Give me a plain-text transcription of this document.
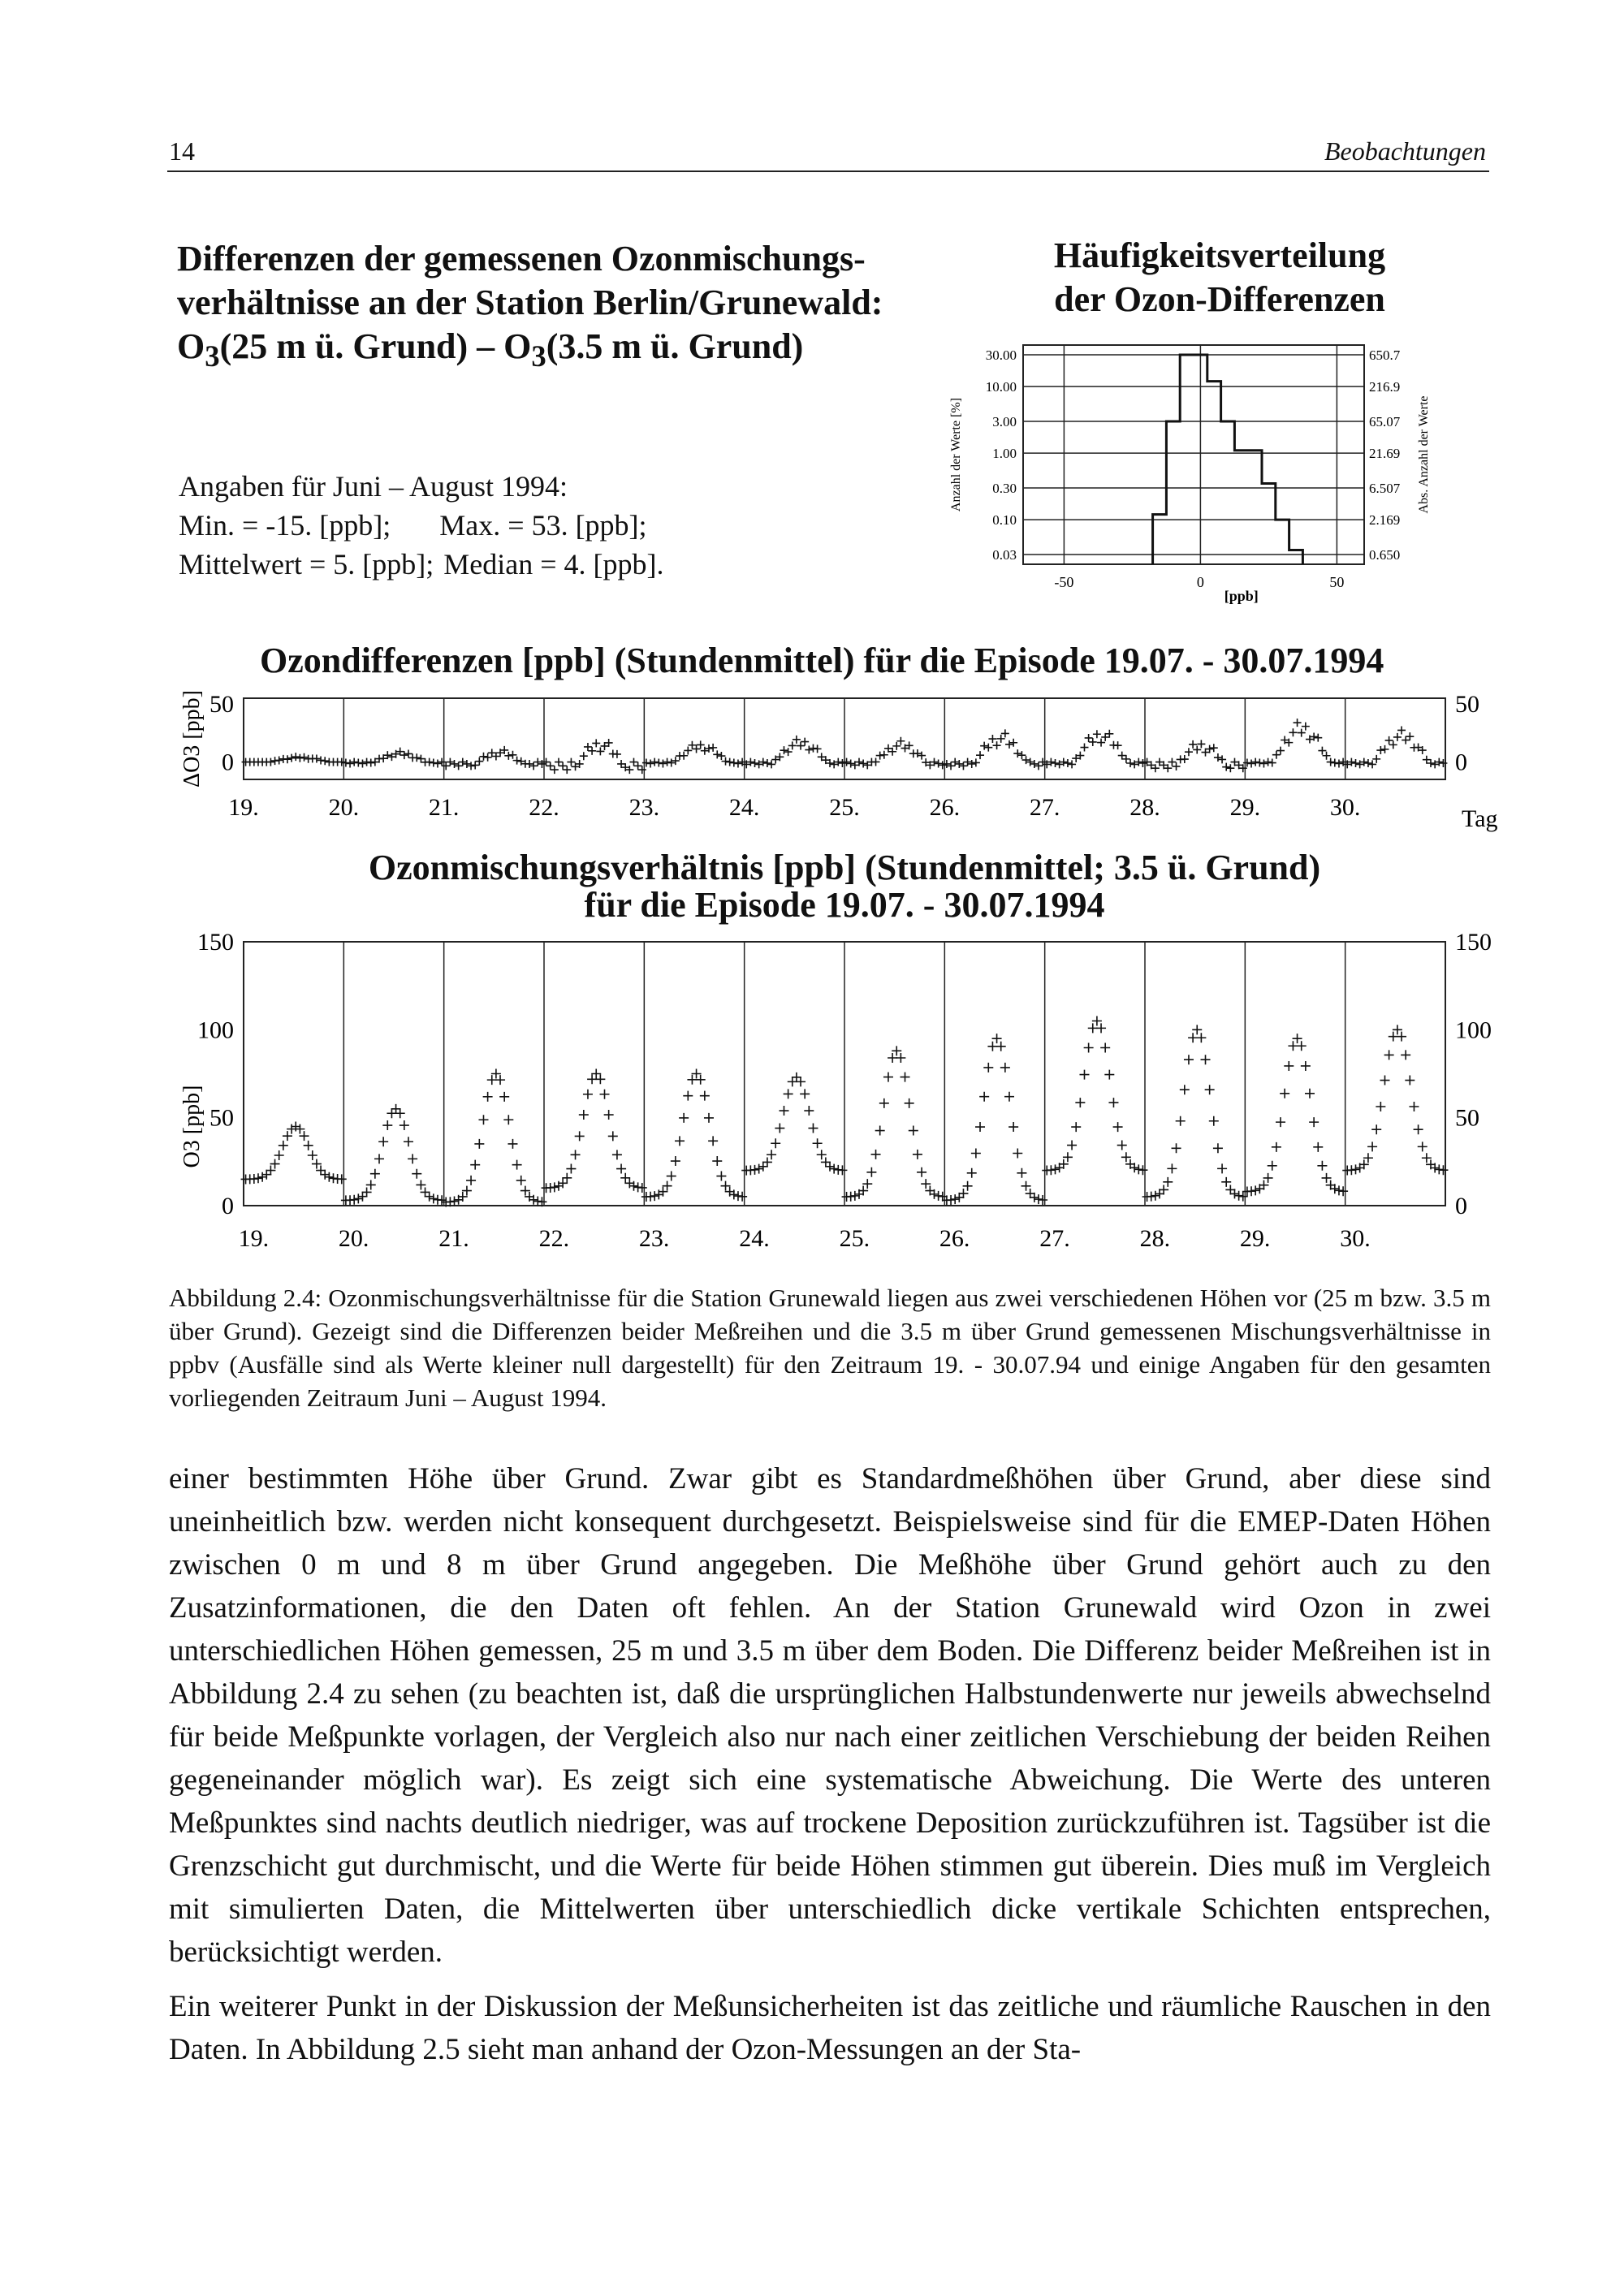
14	Beobachtungen
Differenzen der gemessenen Ozonmischungs-
verhältnisse an der Station Berlin/Grunewald:
$O_3(25$ m ü. Grund) – $O_3(3.5$ m ü. Grund)
Häufigkeitsverteilung
der Ozon-Differenzen
Angaben für Juni – August 1994:
Min. = -15. [ppb]; Max. = 53. [ppb];
Mittelwert = 5. [ppb]; Median = 4. [ppb].
30.00	650.7
10.00	216.9
3.00	65.07
1.00	21.69
0.30	6.507
0.10	2.169
0.03	0.650
-50	0	50
[ppb]
Anzahl der Werte [%]	Abs. Anzahl der Werte
Ozondifferenzen [ppb] (Stundenmittel) für die Episode 19.07. - 30.07.1994
19.	20.	21.	22.	23.	24.	25.	26.	27.	28.	29.	30.
0	0
50	50
ΔO3 [ppb]
Tag
Ozonmischungsverhältnis [ppb] (Stundenmittel; 3.5 ü. Grund)
für die Episode 19.07. - 30.07.1994
19.	20.	21.	22.	23.	24.	25.	26.	27.	28.	29.	30.
0	0
50	50
100	100
150	150
O3 [ppb]
Abbildung 2.4: Ozonmischungsverhältnisse für die Station Grunewald liegen aus zwei verschiedenen Höhen vor (25 m bzw. 3.5 m über Grund). Gezeigt sind die Differenzen beider Meßreihen und die 3.5 m über Grund gemessenen Mischungsverhältnisse in ppbv (Ausfälle sind als Werte kleiner null dargestellt) für den Zeitraum 19. - 30.07.94 und einige Angaben für den gesamten vorliegenden Zeitraum Juni – August 1994.

einer bestimmten Höhe über Grund. Zwar gibt es Standardmeßhöhen über Grund, aber diese sind uneinheitlich bzw. werden nicht konsequent durchgesetzt. Beispielsweise sind für die EMEP-Daten Höhen zwischen 0 m und 8 m über Grund angegeben. Die Meßhöhe über Grund gehört auch zu den Zusatzinformationen, die den Daten oft fehlen. An der Station Grunewald wird Ozon in zwei unterschiedlichen Höhen gemessen, 25 m und 3.5 m über dem Boden. Die Differenz beider Meßreihen ist in Abbildung 2.4 zu sehen (zu beachten ist, daß die ursprünglichen Halbstundenwerte nur jeweils abwechselnd für beide Meßpunkte vorlagen, der Vergleich also nur nach einer zeitlichen Verschiebung der beiden Reihen gegeneinander möglich war). Es zeigt sich eine systematische Abweichung. Die Werte des unteren Meßpunktes sind nachts deutlich niedriger, was auf trockene Deposition zurückzuführen ist. Tagsüber ist die Grenzschicht gut durchmischt, und die Werte für beide Höhen stimmen gut überein. Dies muß im Vergleich mit simulierten Daten, die Mittelwerten über unterschiedlich dicke vertikale Schichten entsprechen, berücksichtigt werden.

Ein weiterer Punkt in der Diskussion der Meßunsicherheiten ist das zeitliche und räumliche Rauschen in den Daten. In Abbildung 2.5 sieht man anhand der Ozon-Messungen an der Sta-
